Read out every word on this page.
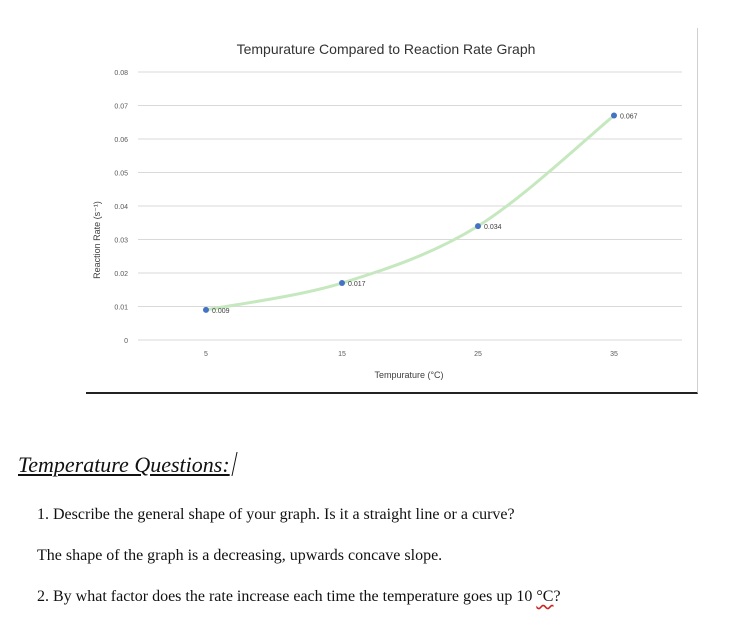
Tempurature Compared to Reaction Rate Graph
Tempurature (°C)
Reaction Rate (s⁻¹)
0
0.01
0.02
0.03
0.04
0.05
0.06
0.07
0.08
5	15	25	35
0.009
0.017
0.034
0.067
Temperature Questions:
1. Describe the general shape of your graph. Is it a straight line or a curve?
The shape of the graph is a decreasing, upwards concave slope.
2. By what factor does the rate increase each time the temperature goes up 10 °C?
